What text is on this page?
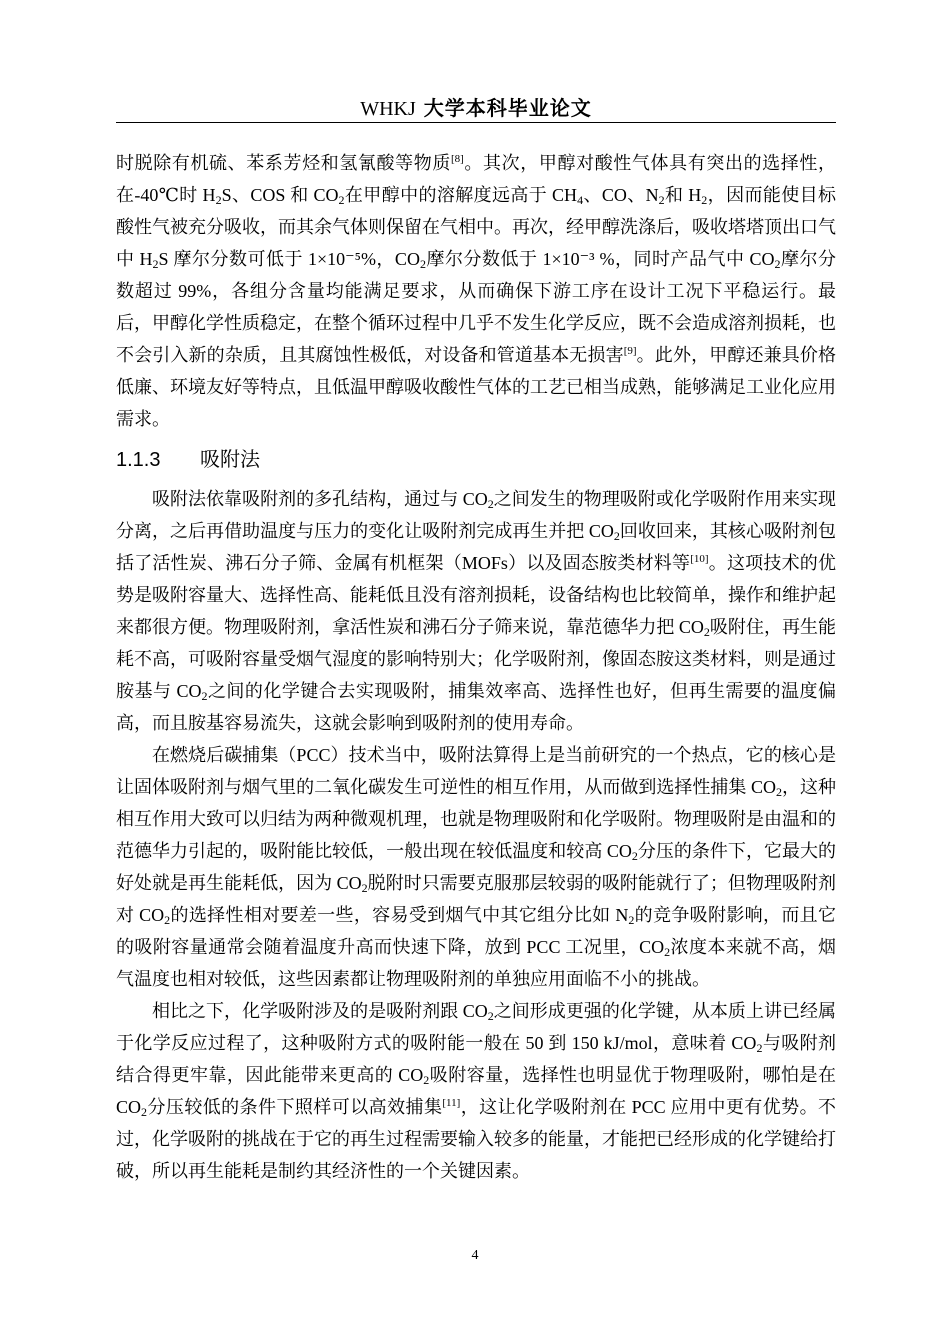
WHKJ 大学本科毕业论文

时脱除有机硫、苯系芳烃和氢氰酸等物质[8]。其次，甲醇对酸性气体具有突出的选择性，在-40℃时 $H_2S$、COS 和 $CO_2$在甲醇中的溶解度远高于 $CH_4$、CO、$N_2$和 $H_2$，因而能使目标酸性气被充分吸收，而其余气体则保留在气相中。再次，经甲醇洗涤后，吸收塔塔顶出口气中 $H_2S$ 摩尔分数可低于 1×10⁻⁵%，$CO_2$摩尔分数低于 1×10⁻³ %，同时产品气中 $CO_2$摩尔分数超过 99%，各组分含量均能满足要求，从而确保下游工序在设计工况下平稳运行。最后，甲醇化学性质稳定，在整个循环过程中几乎不发生化学反应，既不会造成溶剂损耗，也不会引入新的杂质，且其腐蚀性极低，对设备和管道基本无损害[9]。此外，甲醇还兼具价格低廉、环境友好等特点，且低温甲醇吸收酸性气体的工艺已相当成熟，能够满足工业化应用需求。

1.1.3 吸附法

吸附法依靠吸附剂的多孔结构，通过与 $CO_2$之间发生的物理吸附或化学吸附作用来实现分离，之后再借助温度与压力的变化让吸附剂完成再生并把 $CO_2$回收回来，其核心吸附剂包括了活性炭、沸石分子筛、金属有机框架（MOFs）以及固态胺类材料等[10]。这项技术的优势是吸附容量大、选择性高、能耗低且没有溶剂损耗，设备结构也比较简单，操作和维护起来都很方便。物理吸附剂，拿活性炭和沸石分子筛来说，靠范德华力把 $CO_2$吸附住，再生能耗不高，可吸附容量受烟气湿度的影响特别大；化学吸附剂，像固态胺这类材料，则是通过胺基与 $CO_2$之间的化学键合去实现吸附，捕集效率高、选择性也好，但再生需要的温度偏高，而且胺基容易流失，这就会影响到吸附剂的使用寿命。

在燃烧后碳捕集（PCC）技术当中，吸附法算得上是当前研究的一个热点，它的核心是让固体吸附剂与烟气里的二氧化碳发生可逆性的相互作用，从而做到选择性捕集 $CO_2$，这种相互作用大致可以归结为两种微观机理，也就是物理吸附和化学吸附。物理吸附是由温和的范德华力引起的，吸附能比较低，一般出现在较低温度和较高 $CO_2$分压的条件下，它最大的好处就是再生能耗低，因为 $CO_2$脱附时只需要克服那层较弱的吸附能就行了；但物理吸附剂对 $CO_2$的选择性相对要差一些，容易受到烟气中其它组分比如 $N_2$的竞争吸附影响，而且它的吸附容量通常会随着温度升高而快速下降，放到 PCC 工况里，$CO_2$浓度本来就不高，烟气温度也相对较低，这些因素都让物理吸附剂的单独应用面临不小的挑战。

相比之下，化学吸附涉及的是吸附剂跟 $CO_2$之间形成更强的化学键，从本质上讲已经属于化学反应过程了，这种吸附方式的吸附能一般在 50 到 150 kJ/mol，意味着 $CO_2$与吸附剂结合得更牢靠，因此能带来更高的 $CO_2$吸附容量，选择性也明显优于物理吸附，哪怕是在 $CO_2$分压较低的条件下照样可以高效捕集[11]，这让化学吸附剂在 PCC 应用中更有优势。不过，化学吸附的挑战在于它的再生过程需要输入较多的能量，才能把已经形成的化学键给打破，所以再生能耗是制约其经济性的一个关键因素。

4
